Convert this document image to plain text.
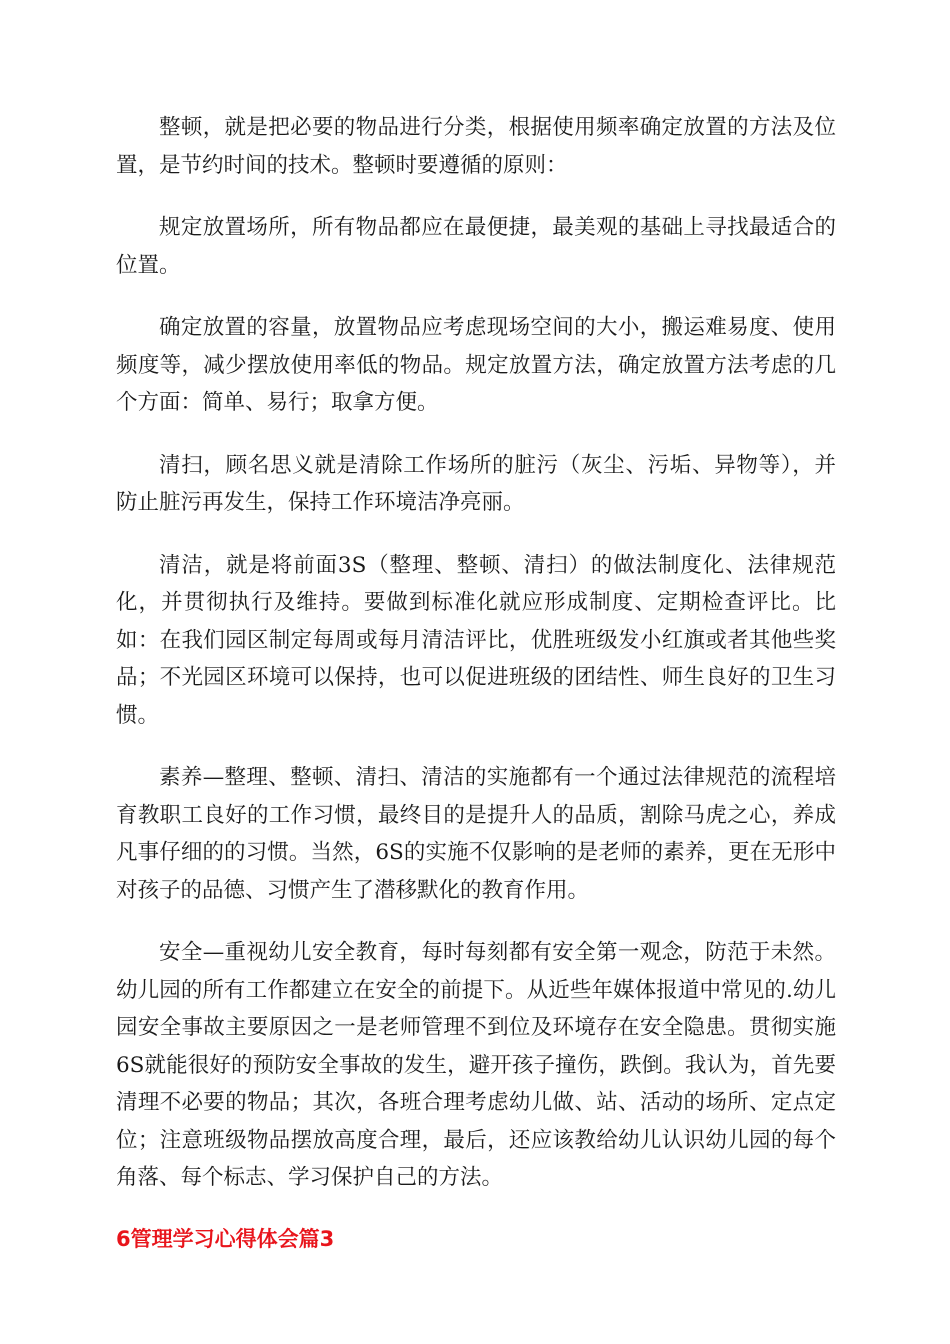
整顿，就是把必要的物品进行分类，根据使用频率确定放置的方法及位置，是节约时间的技术。整顿时要遵循的原则：

规定放置场所，所有物品都应在最便捷，最美观的基础上寻找最适合的位置。

确定放置的容量，放置物品应考虑现场空间的大小，搬运难易度、使用频度等，减少摆放使用率低的物品。规定放置方法，确定放置方法考虑的几个方面：简单、易行；取拿方便。

清扫，顾名思义就是清除工作场所的脏污（灰尘、污垢、异物等），并防止脏污再发生，保持工作环境洁净亮丽。

清洁，就是将前面3S（整理、整顿、清扫）的做法制度化、法律规范化，并贯彻执行及维持。要做到标准化就应形成制度、定期检查评比。比如：在我们园区制定每周或每月清洁评比，优胜班级发小红旗或者其他些奖品；不光园区环境可以保持，也可以促进班级的团结性、师生良好的卫生习惯。

素养—整理、整顿、清扫、清洁的实施都有一个通过法律规范的流程培育教职工良好的工作习惯，最终目的是提升人的品质，割除马虎之心，养成凡事仔细的的习惯。当然，6S的实施不仅影响的是老师的素养，更在无形中对孩子的品德、习惯产生了潜移默化的教育作用。

安全—重视幼儿安全教育，每时每刻都有安全第一观念，防范于未然。幼儿园的所有工作都建立在安全的前提下。从近些年媒体报道中常见的.幼儿园安全事故主要原因之一是老师管理不到位及环境存在安全隐患。贯彻实施6S就能很好的预防安全事故的发生，避开孩子撞伤，跌倒。我认为，首先要清理不必要的物品；其次，各班合理考虑幼儿做、站、活动的场所、定点定位；注意班级物品摆放高度合理，最后，还应该教给幼儿认识幼儿园的每个角落、每个标志、学习保护自己的方法。

6管理学习心得体会篇3
